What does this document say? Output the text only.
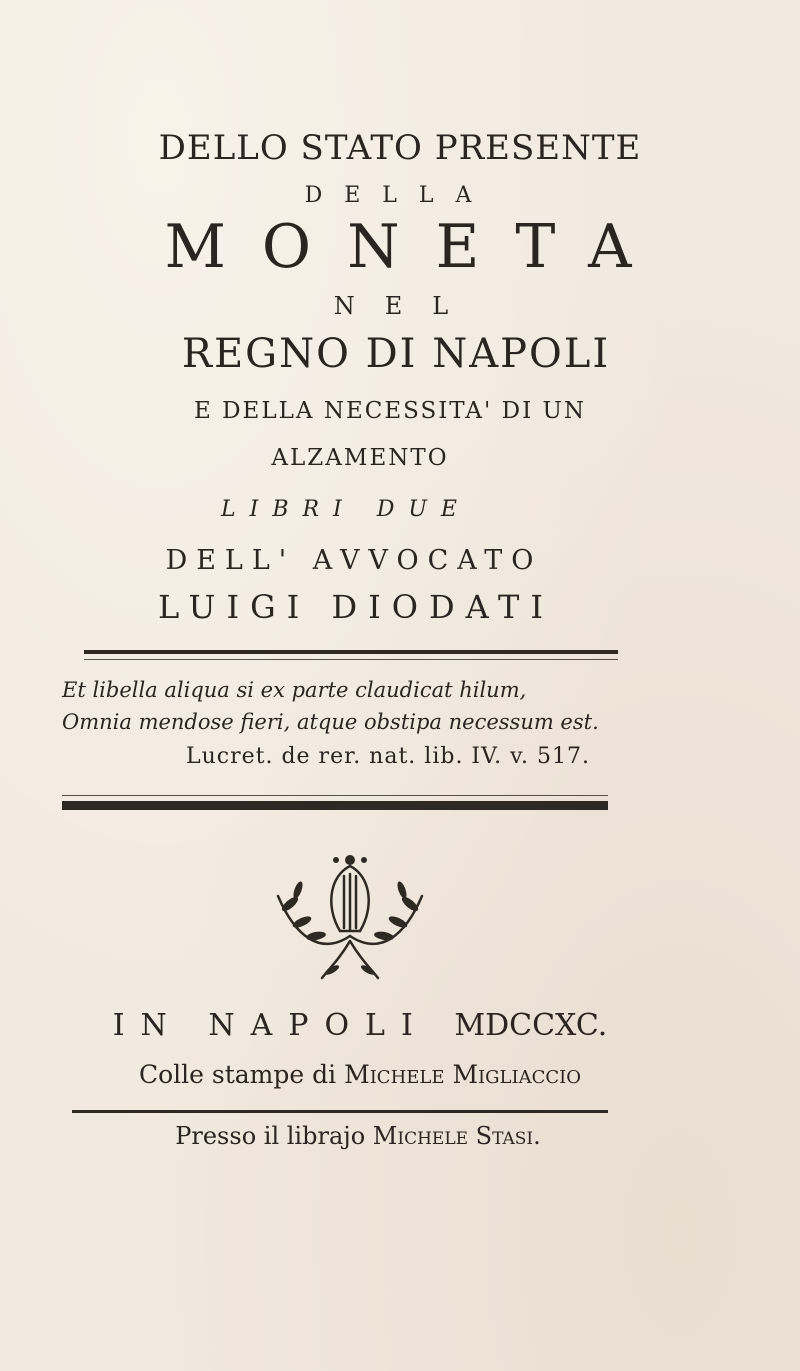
DELLO STATO PRESENTE
DELLA
MONETA
NEL
REGNO DI NAPOLI
E DELLA NECESSITA' DI UN
ALZAMENTO
LIBRI DUE
DELL' AVVOCATO
LUIGI DIODATI
Et libella aliqua si ex parte claudicat hilum,
Omnia mendose fieri, atque obstipa necessum est.
Lucret. de rer. nat. lib. IV. v. 517.
IN NAPOLI MDCCXC.
Colle stampe di Michele Migliaccio
Presso il librajo Michele Stasi.
